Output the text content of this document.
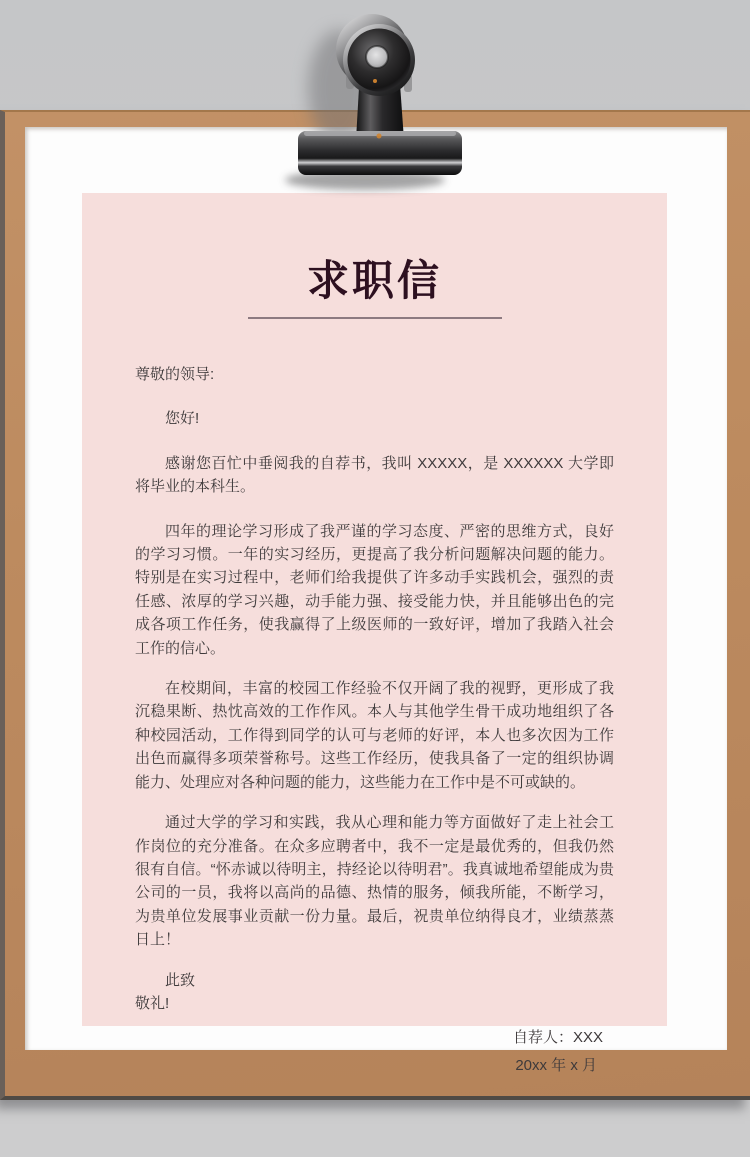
求职信

尊敬的领导:

您好!

感谢您百忙中垂阅我的自荐书，我叫 XXXXX，是 XXXXXX 大学即将毕业的本科生。

四年的理论学习形成了我严谨的学习态度、严密的思维方式，良好的学习习惯。一年的实习经历，更提高了我分析问题解决问题的能力。特别是在实习过程中，老师们给我提供了许多动手实践机会，强烈的责任感、浓厚的学习兴趣，动手能力强、接受能力快，并且能够出色的完成各项工作任务，使我赢得了上级医师的一致好评，增加了我踏入社会工作的信心。

在校期间，丰富的校园工作经验不仅开阔了我的视野，更形成了我沉稳果断、热忱高效的工作作风。本人与其他学生骨干成功地组织了各种校园活动，工作得到同学的认可与老师的好评，本人也多次因为工作出色而赢得多项荣誉称号。这些工作经历，使我具备了一定的组织协调能力、处理应对各种问题的能力，这些能力在工作中是不可或缺的。

通过大学的学习和实践，我从心理和能力等方面做好了走上社会工作岗位的充分准备。在众多应聘者中，我不一定是最优秀的，但我仍然很有自信。“怀赤诚以待明主，持经论以待明君”。我真诚地希望能成为贵公司的一员，我将以高尚的品德、热情的服务，倾我所能，不断学习，为贵单位发展事业贡献一份力量。最后，祝贵单位纳得良才，业绩蒸蒸日上！

此致

敬礼!

自荐人：XXX

20xx 年 x 月
